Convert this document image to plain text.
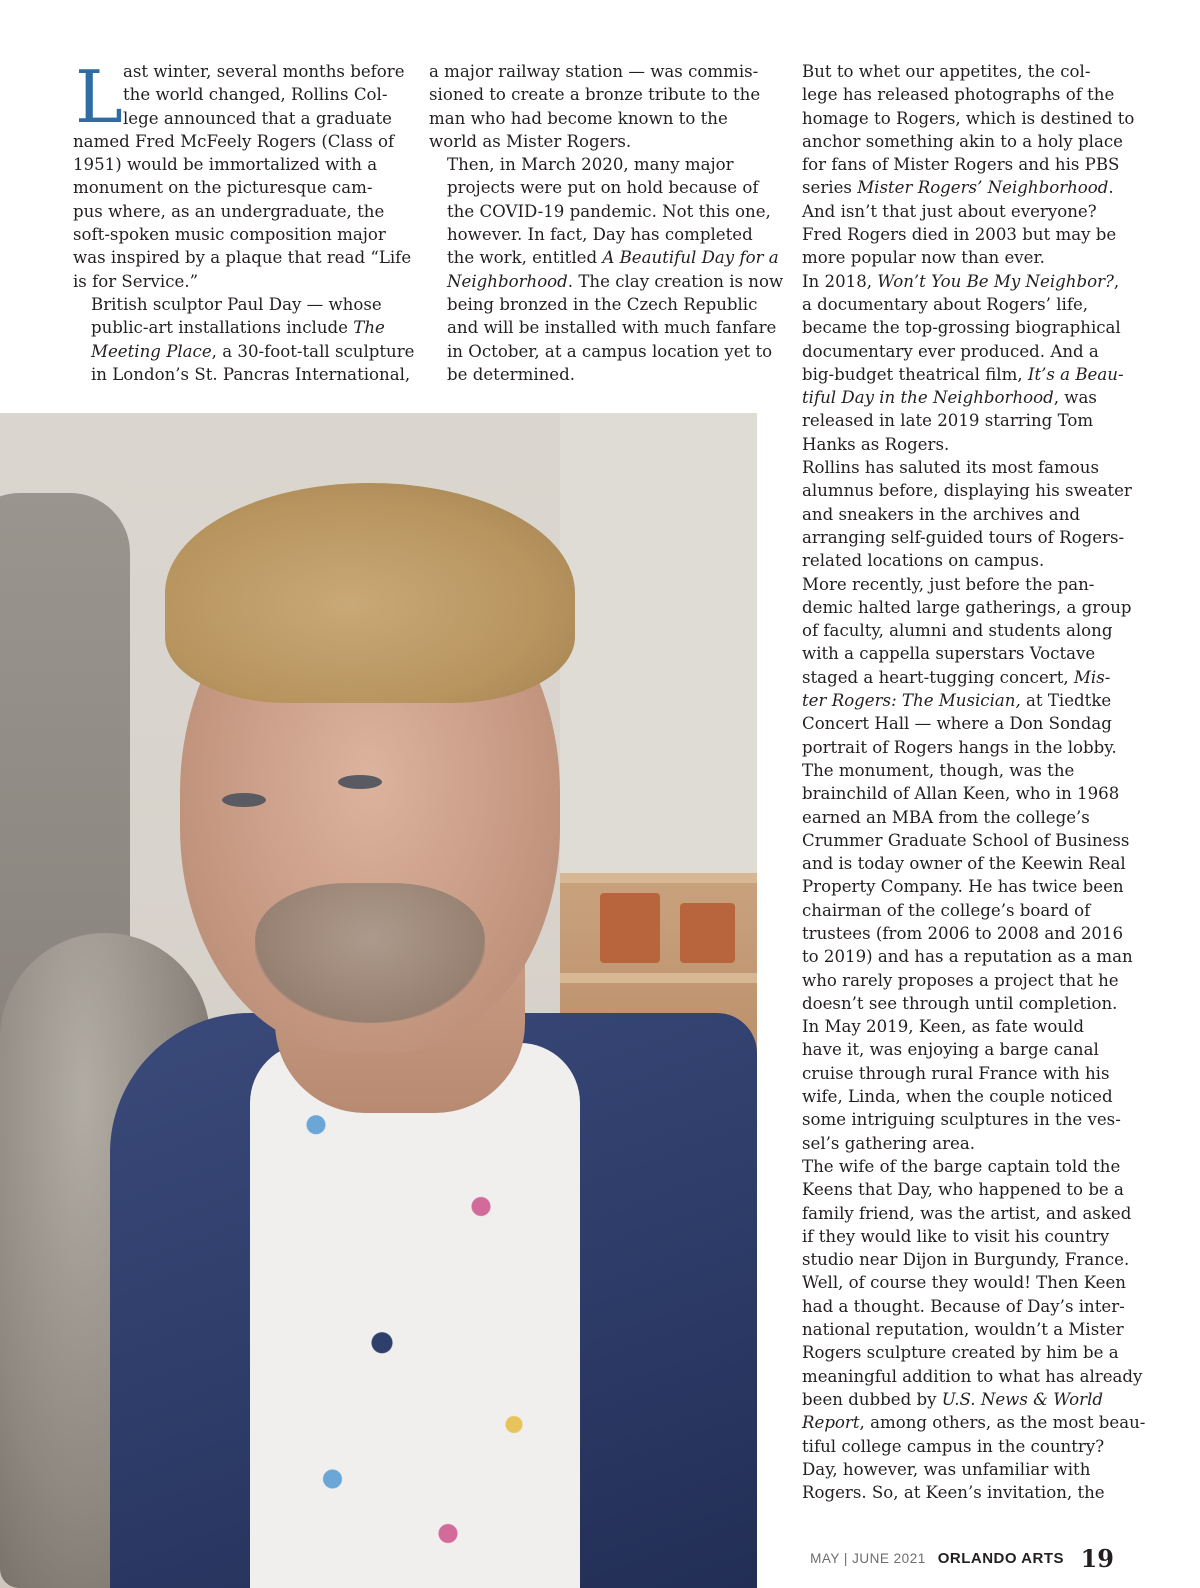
L ast winter, several months before
the world changed, Rollins Col-
lege announced that a graduate
named Fred McFeely Rogers (Class of
1951) would be immortalized with a
monument on the picturesque cam-
pus where, as an undergraduate, the
soft-spoken music composition major
was inspired by a plaque that read “Life
is for Service.”

British sculptor Paul Day — whose
public-art installations include The
Meeting Place, a 30-foot-tall sculpture
in London’s St. Pancras International,

a major railway station — was commis-
sioned to create a bronze tribute to the
man who had become known to the
world as Mister Rogers.

Then, in March 2020, many major
projects were put on hold because of
the COVID-19 pandemic. Not this one,
however. In fact, Day has completed
the work, entitled A Beautiful Day for a
Neighborhood. The clay creation is now
being bronzed in the Czech Republic
and will be installed with much fanfare
in October, at a campus location yet to
be determined.

But to whet our appetites, the col-
lege has released photographs of the
homage to Rogers, which is destined to
anchor something akin to a holy place
for fans of Mister Rogers and his PBS
series Mister Rogers’ Neighborhood.
And isn’t that just about everyone?

Fred Rogers died in 2003 but may be
more popular now than ever.

In 2018, Won’t You Be My Neighbor?,
a documentary about Rogers’ life,
became the top-grossing biographical
documentary ever produced. And a
big-budget theatrical film, It’s a Beau-
tiful Day in the Neighborhood, was
released in late 2019 starring Tom
Hanks as Rogers.

Rollins has saluted its most famous
alumnus before, displaying his sweater
and sneakers in the archives and
arranging self-guided tours of Rogers-
related locations on campus.

More recently, just before the pan-
demic halted large gatherings, a group
of faculty, alumni and students along
with a cappella superstars Voctave
staged a heart-tugging concert, Mis-
ter Rogers: The Musician, at Tiedtke
Concert Hall — where a Don Sondag
portrait of Rogers hangs in the lobby.

The monument, though, was the
brainchild of Allan Keen, who in 1968
earned an MBA from the college’s
Crummer Graduate School of Business
and is today owner of the Keewin Real
Property Company. He has twice been
chairman of the college’s board of
trustees (from 2006 to 2008 and 2016
to 2019) and has a reputation as a man
who rarely proposes a project that he
doesn’t see through until completion.

In May 2019, Keen, as fate would
have it, was enjoying a barge canal
cruise through rural France with his
wife, Linda, when the couple noticed
some intriguing sculptures in the ves-
sel’s gathering area.

The wife of the barge captain told the
Keens that Day, who happened to be a
family friend, was the artist, and asked
if they would like to visit his country
studio near Dijon in Burgundy, France.

Well, of course they would! Then Keen
had a thought. Because of Day’s inter-
national reputation, wouldn’t a Mister
Rogers sculpture created by him be a
meaningful addition to what has already
been dubbed by U.S. News & World
Report, among others, as the most beau-
tiful college campus in the country?

Day, however, was unfamiliar with
Rogers. So, at Keen’s invitation, the

MAY | JUNE 2021 ORLANDO ARTS 19
